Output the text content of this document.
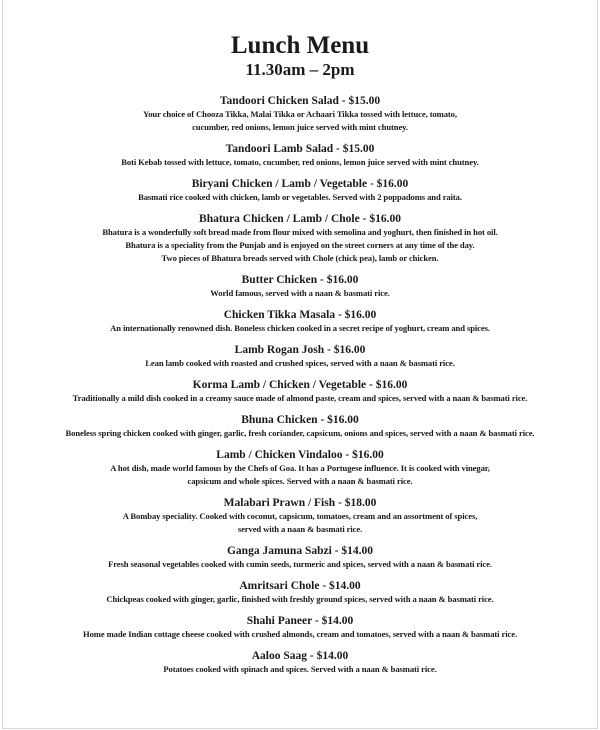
Lunch Menu
11.30am – 2pm
Tandoori Chicken Salad - $15.00
Your choice of Chooza Tikka, Malai Tikka or Achaari Tikka tossed with lettuce, tomato,
cucumber, red onions, lemon juice served with mint chutney.
Tandoori Lamb Salad - $15.00
Boti Kebab tossed with lettuce, tomato, cucumber, red onions, lemon juice served with mint chutney.
Biryani Chicken / Lamb / Vegetable - $16.00
Basmati rice cooked with chicken, lamb or vegetables. Served with 2 poppadoms and raita.
Bhatura Chicken / Lamb / Chole - $16.00
Bhatura is a wonderfully soft bread made from flour mixed with semolina and yoghurt, then finished in hot oil.
Bhatura is a speciality from the Punjab and is enjoyed on the street corners at any time of the day.
Two pieces of Bhatura breads served with Chole (chick pea), lamb or chicken.
Butter Chicken - $16.00
World famous, served with a naan & basmati rice.
Chicken Tikka Masala - $16.00
An internationally renowned dish. Boneless chicken cooked in a secret recipe of yoghurt, cream and spices.
Lamb Rogan Josh - $16.00
Lean lamb cooked with roasted and crushed spices, served with a naan & basmati rice.
Korma Lamb / Chicken / Vegetable - $16.00
Traditionally a mild dish cooked in a creamy sauce made of almond paste, cream and spices, served with a naan & basmati rice.
Bhuna Chicken - $16.00
Boneless spring chicken cooked with ginger, garlic, fresh coriander, capsicum, onions and spices, served with a naan & basmati rice.
Lamb / Chicken Vindaloo - $16.00
A hot dish, made world famous by the Chefs of Goa. It has a Portugese influence. It is cooked with vinegar,
capsicum and whole spices. Served with a naan & basmati rice.
Malabari Prawn / Fish - $18.00
A Bombay speciality. Cooked with coconut, capsicum, tomatoes, cream and an assortment of spices,
served with a naan & basmati rice.
Ganga Jamuna Sabzi - $14.00
Fresh seasonal vegetables cooked with cumin seeds, turmeric and spices, served with a naan & basmati rice.
Amritsari Chole - $14.00
Chickpeas cooked with ginger, garlic, finished with freshly ground spices, served with a naan & basmati rice.
Shahi Paneer - $14.00
Home made Indian cottage cheese cooked with crushed almonds, cream and tomatoes, served with a naan & basmati rice.
Aaloo Saag - $14.00
Potatoes cooked with spinach and spices. Served with a naan & basmati rice.
